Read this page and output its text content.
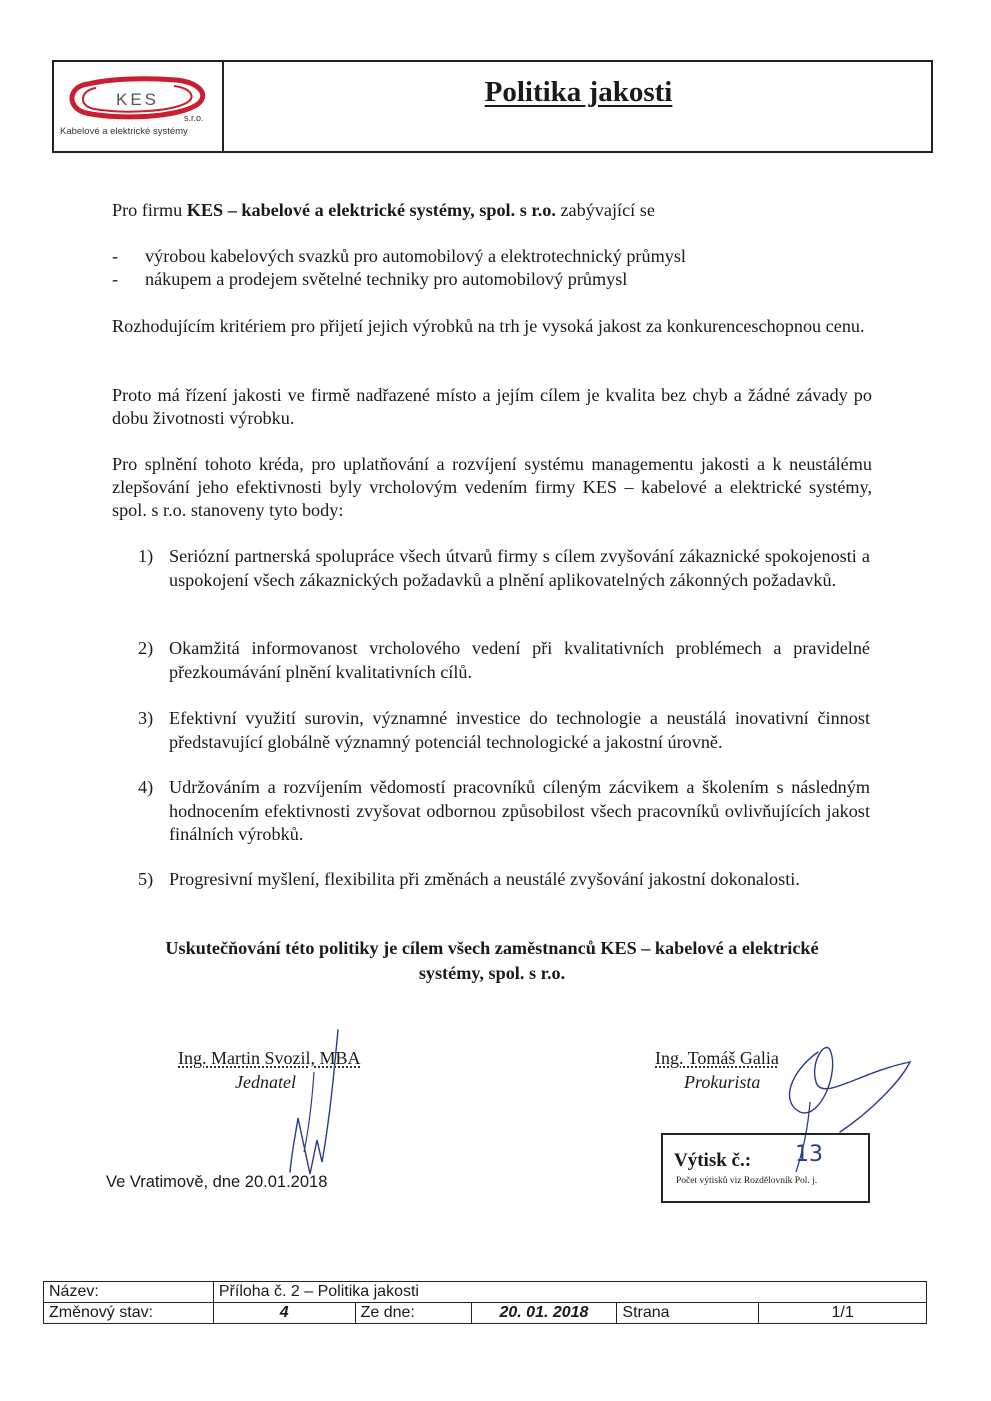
KES
s.r.o.
Kabelové a elektrické systémy
Politika jakosti
Pro firmu KES – kabelové a elektrické systémy, spol. s r.o. zabývající se
- výrobou kabelových svazků pro automobilový a elektrotechnický průmysl
- nákupem a prodejem světelné techniky pro automobilový průmysl
Rozhodujícím kritériem pro přijetí jejich výrobků na trh je vysoká jakost za konkurenceschopnou cenu.
Proto má řízení jakosti ve firmě nadřazené místo a jejím cílem je kvalita bez chyb a žádné závady po dobu životnosti výrobku.
Pro splnění tohoto kréda, pro uplatňování a rozvíjení systému managementu jakosti a k neustálému zlepšování jeho efektivnosti byly vrcholovým vedením firmy KES – kabelové a elektrické systémy, spol. s r.o. stanoveny tyto body:
1) Seriózní partnerská spolupráce všech útvarů firmy s cílem zvyšování zákaznické spokojenosti a uspokojení všech zákaznických požadavků a plnění aplikovatelných zákonných požadavků.
2) Okamžitá informovanost vrcholového vedení při kvalitativních problémech a pravidelné přezkoumávání plnění kvalitativních cílů.
3) Efektivní využití surovin, významné investice do technologie a neustálá inovativní činnost představující globálně významný potenciál technologické a jakostní úrovně.
4) Udržováním a rozvíjením vědomostí pracovníků cíleným zácvikem a školením s následným hodnocením efektivnosti zvyšovat odbornou způsobilost všech pracovníků ovlivňujících jakost finálních výrobků.
5) Progresivní myšlení, flexibilita při změnách a neustálé zvyšování jakostní dokonalosti.
Uskutečňování této politiky je cílem všech zaměstnanců KES – kabelové a elektrické
systémy, spol. s r.o.
Ing. Martin Svozil, MBA
Jednatel
Ing. Tomáš Galia
Prokurista
Ve Vratimově, dne 20.01.2018
Výtisk č.: 13
Počet výtisků viz Rozdělovník Pol. j.
Název:	Příloha č. 2 – Politika jakosti				
Změnový stav:	4	Ze dne:	20. 01. 2018	Strana	1/1
